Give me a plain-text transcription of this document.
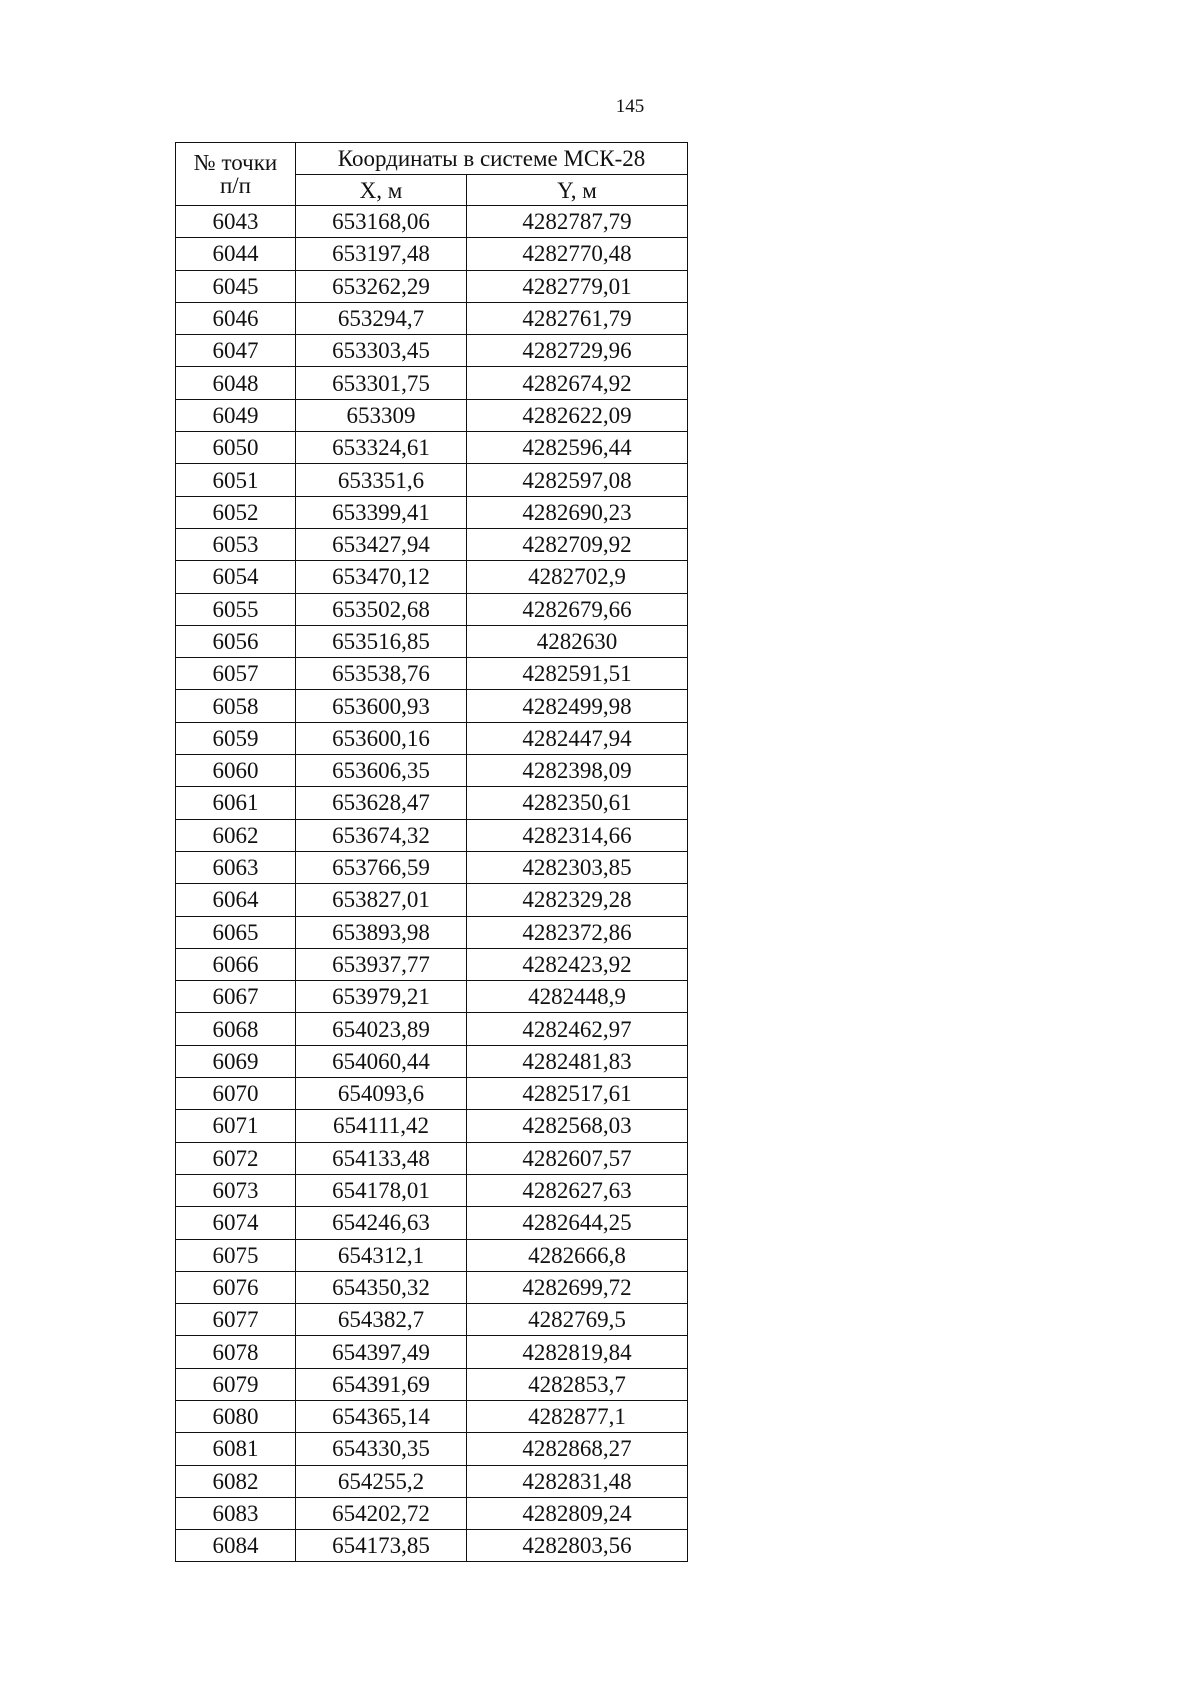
145
№ точки
п/п	Координаты в системе МСК-28	
	X, м	Y, м
6043	653168,06	4282787,79
6044	653197,48	4282770,48
6045	653262,29	4282779,01
6046	653294,7	4282761,79
6047	653303,45	4282729,96
6048	653301,75	4282674,92
6049	653309	4282622,09
6050	653324,61	4282596,44
6051	653351,6	4282597,08
6052	653399,41	4282690,23
6053	653427,94	4282709,92
6054	653470,12	4282702,9
6055	653502,68	4282679,66
6056	653516,85	4282630
6057	653538,76	4282591,51
6058	653600,93	4282499,98
6059	653600,16	4282447,94
6060	653606,35	4282398,09
6061	653628,47	4282350,61
6062	653674,32	4282314,66
6063	653766,59	4282303,85
6064	653827,01	4282329,28
6065	653893,98	4282372,86
6066	653937,77	4282423,92
6067	653979,21	4282448,9
6068	654023,89	4282462,97
6069	654060,44	4282481,83
6070	654093,6	4282517,61
6071	654111,42	4282568,03
6072	654133,48	4282607,57
6073	654178,01	4282627,63
6074	654246,63	4282644,25
6075	654312,1	4282666,8
6076	654350,32	4282699,72
6077	654382,7	4282769,5
6078	654397,49	4282819,84
6079	654391,69	4282853,7
6080	654365,14	4282877,1
6081	654330,35	4282868,27
6082	654255,2	4282831,48
6083	654202,72	4282809,24
6084	654173,85	4282803,56
